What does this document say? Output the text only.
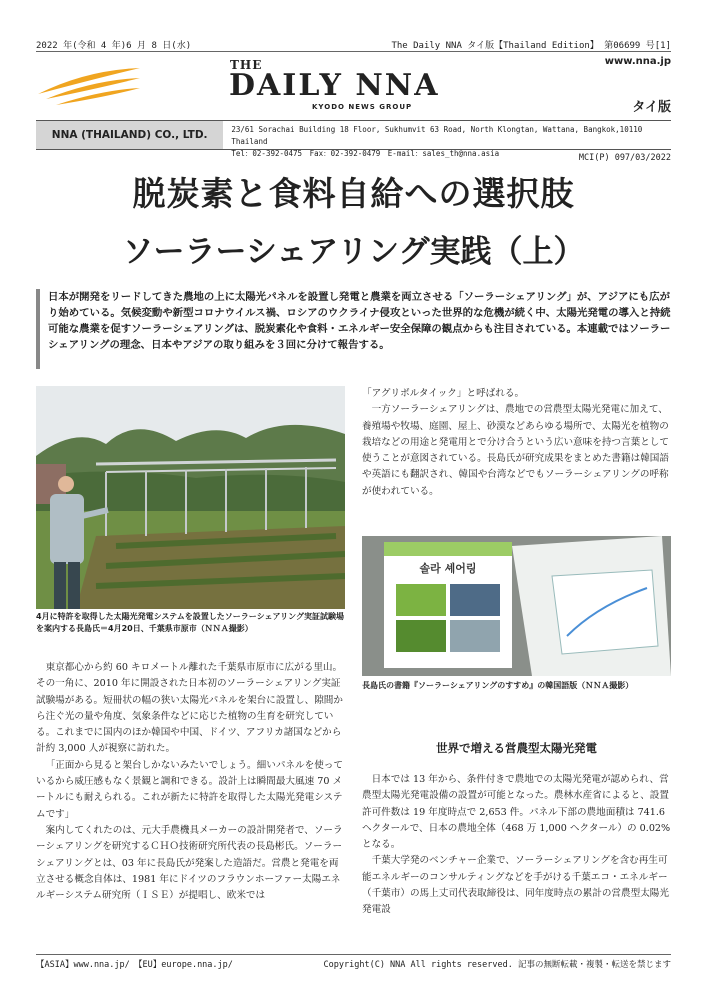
2022 年(令和 4 年)6 月 8 日(水)	The Daily NNA タイ版【Thailand Edition】 第06699 号[1]
THE
DAILY NNA
KYODO NEWS GROUP
www.nna.jp
タイ版
NNA (THAILAND) CO., LTD.	23/61 Sorachai Building 18 Floor, Sukhumvit 63 Road, North Klongtan, Wattana, Bangkok,10110 Thailand
Tel：02-392-0475　Fax：02-392-0479　E-mail：sales_th@nna.asia	MCI(P) 097/03/2022
脱炭素と食料自給への選択肢
ソーラーシェアリング実践（上）
日本が開発をリードしてきた農地の上に太陽光パネルを設置し発電と農業を両立させる「ソーラーシェアリング」が、アジアにも広がり始めている。気候変動や新型コロナウイルス禍、ロシアのウクライナ侵攻といった世界的な危機が続く中、太陽光発電の導入と持続可能な農業を促すソーラーシェアリングは、脱炭素化や食料・エネルギー安全保障の観点からも注目されている。本連載ではソーラーシェアリングの理念、日本やアジアの取り組みを３回に分けて報告する。
4月に特許を取得した太陽光発電システムを設置したソーラーシェアリング実証試験場を案内する長島氏＝4月20日、千葉県市原市（ＮＮＡ撮影）

東京都心から約 60 キロメートル離れた千葉県市原市に広がる里山。その一角に、2010 年に開設された日本初のソーラーシェアリング実証試験場がある。短冊状の幅の狭い太陽光パネルを架台に設置し、隙間から注ぐ光の量や角度、気象条件などに応じた植物の生育を研究している。これまでに国内のほか韓国や中国、ドイツ、アフリカ諸国などから計約 3,000 人が視察に訪れた。

「正面から見ると架台しかないみたいでしょう。細いパネルを使っているから威圧感もなく景観と調和できる。設計上は瞬間最大風速 70 メートルにも耐えられる。これが新たに特許を取得した太陽光発電システムです」

案内してくれたのは、元大手農機具メーカーの設計開発者で、ソーラーシェアリングを研究するＣＨＯ技術研究所代表の長島彬氏。ソーラーシェアリングとは、03 年に長島氏が発案した造語だ。営農と発電を両立させる概念自体は、1981 年にドイツのフラウンホーファー太陽エネルギーシステム研究所（ＩＳＥ）が提唱し、欧米では

「アグリボルタイック」と呼ばれる。

一方ソーラーシェアリングは、農地での営農型太陽光発電に加えて、養殖場や牧場、庭園、屋上、砂漠などあらゆる場所で、太陽光を植物の栽培などの用途と発電用とで分け合うという広い意味を持つ言葉として使うことが意図されている。長島氏が研究成果をまとめた書籍は韓国語や英語にも翻訳され、韓国や台湾などでもソーラーシェアリングの呼称が使われている。

솔라 셰어링
長島氏の書籍『ソーラーシェアリングのすすめ』の韓国語版（ＮＮＡ撮影）
世界で増える営農型太陽光発電

日本では 13 年から、条件付きで農地での太陽光発電が認められ、営農型太陽光発電設備の設置が可能となった。農林水産省によると、設置許可件数は 19 年度時点で 2,653 件。パネル下部の農地面積は 741.6 ヘクタールで、日本の農地全体（468 万 1,000 ヘクタール）の 0.02%となる。

千葉大学発のベンチャー企業で、ソーラーシェアリングを含む再生可能エネルギーのコンサルティングなどを手がける千葉エコ・エネルギー（千葉市）の馬上丈司代表取締役は、同年度時点の累計の営農型太陽光発電設

【ASIA】www.nna.jp/　【EU】europe.nna.jp/	Copyright(C) NNA All rights reserved. 記事の無断転載・複製・転送を禁じます
